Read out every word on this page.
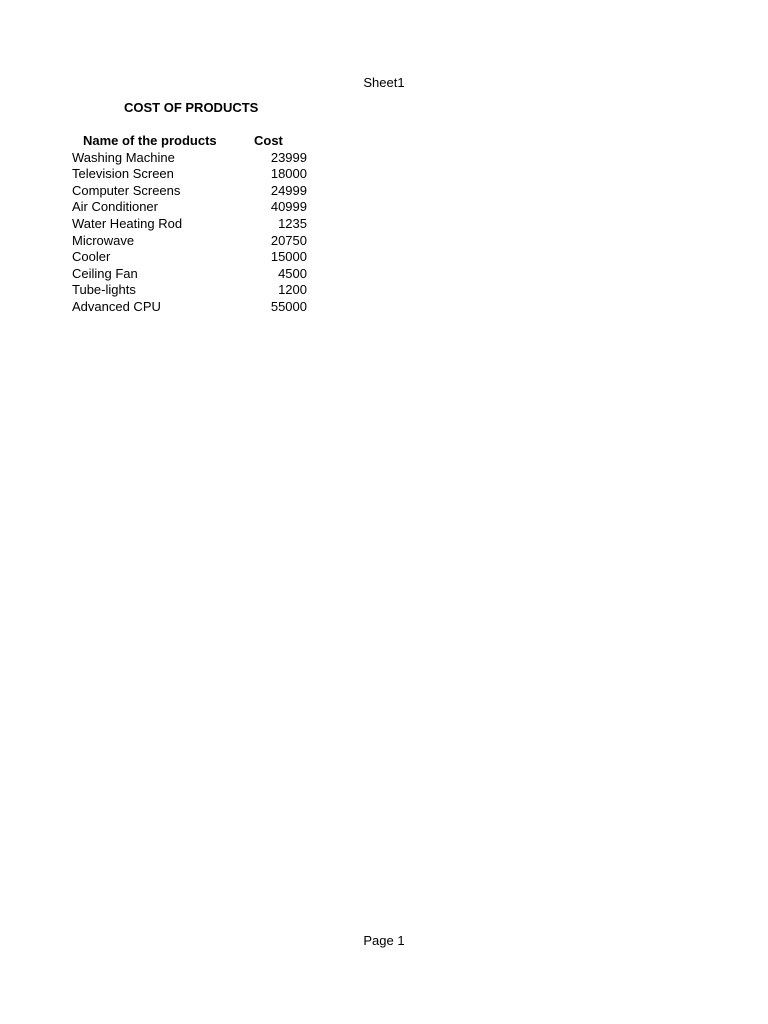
Sheet1
COST OF PRODUCTS
Name of the products	Cost
Washing Machine	23999
Television Screen	18000
Computer Screens	24999
Air Conditioner	40999
Water Heating Rod	1235
Microwave	20750
Cooler	15000
Ceiling Fan	4500
Tube-lights	1200
Advanced CPU	55000
Page 1
